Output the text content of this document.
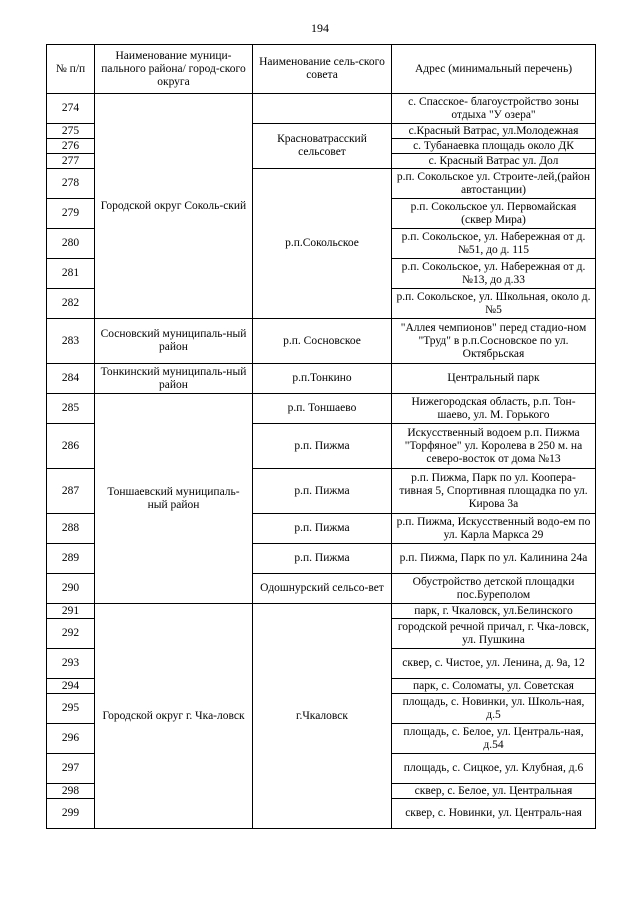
194
№ п/п	Наименование муници-пального района/ город-ского округа	Наименование сель-ского совета	Адрес (минимальный перечень)
274	Городской округ Соколь-ский		с. Спасское- благоустройство зоны отдыха "У озера"
275		Красноватрасский сельсовет	с.Красный Ватрас, ул.Молодежная
276			с. Тубанаевка площадь около ДК
277			с. Красный Ватрас ул. Дол
278		р.п.Сокольское	р.п. Сокольское ул. Строите-лей,(район автостанции)
279			р.п. Сокольское ул. Первомайская (сквер Мира)
280			р.п. Сокольское, ул. Набережная от д.№51, до д. 115
281			р.п. Сокольское, ул. Набережная от д.№13, до д.33
282			р.п. Сокольское, ул. Школьная, около д.№5
283	Сосновский муниципаль-ный район	р.п. Сосновское	"Аллея чемпионов" перед стадио-ном "Труд" в р.п.Сосновское по ул. Октябрьская
284	Тонкинский муниципаль-ный район	р.п.Тонкино	Центральный парк
285	Тоншаевский муниципаль-ный район	р.п. Тоншаево	Нижегородская область, р.п. Тон-шаево, ул. М. Горького
286		р.п. Пижма	Искусственный водоем р.п. Пижма "Торфяное" ул. Королева в 250 м. на северо-восток от дома №13
287		р.п. Пижма	р.п. Пижма, Парк по ул. Коопера-тивная 5, Спортивная площадка по ул. Кирова 3а
288		р.п. Пижма	р.п. Пижма, Искусственный водо-ем по ул. Карла Маркса 29
289		р.п. Пижма	р.п. Пижма, Парк по ул. Калинина 24а
290		Одошнурский сельсо-вет	Обустройство детской площадки пос.Буреполом
291	Городской округ г. Чка-ловск	г.Чкаловск	парк, г. Чкаловск, ул.Белинского
292			городской речной причал, г. Чка-ловск, ул. Пушкина
293			сквер, с. Чистое, ул. Ленина, д. 9а, 12
294			парк, с. Соломаты, ул. Советская
295			площадь, с. Новинки, ул. Школь-ная, д.5
296			площадь, с. Белое, ул. Централь-ная, д.54
297			площадь, с. Сицкое, ул. Клубная, д.6
298			сквер, с. Белое, ул. Центральная
299			сквер, с. Новинки, ул. Централь-ная
